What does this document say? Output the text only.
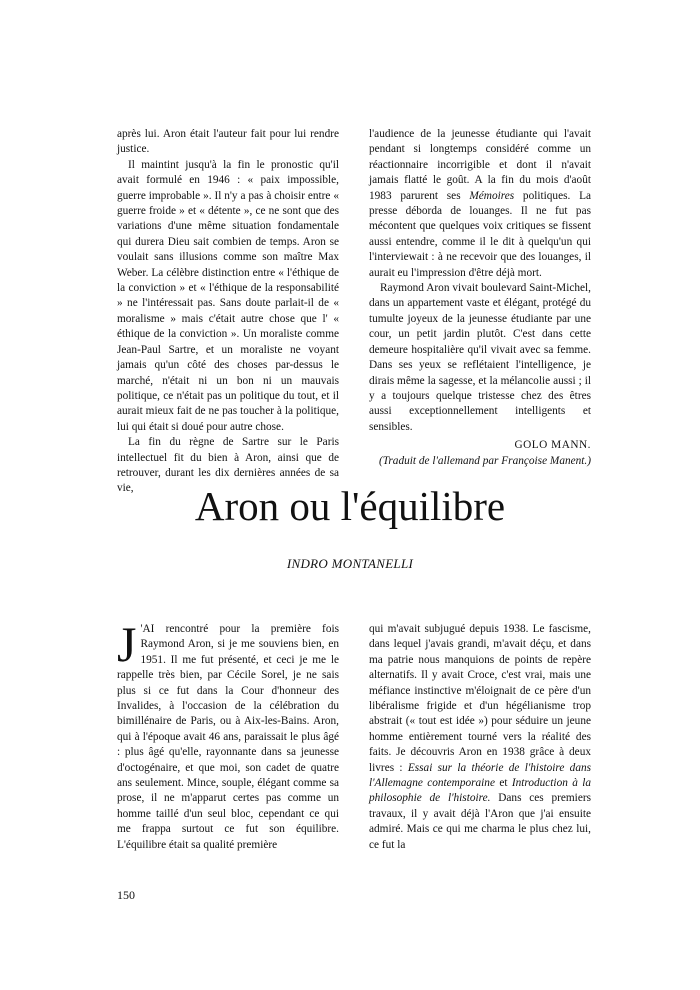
après lui. Aron était l'auteur fait pour lui rendre justice.

Il maintint jusqu'à la fin le pronostic qu'il avait formulé en 1946 : « paix impossible, guerre improbable ». Il n'y a pas à choisir entre « guerre froide » et « détente », ce ne sont que des variations d'une même situation fondamentale qui durera Dieu sait combien de temps. Aron se voulait sans illusions comme son maître Max Weber. La célèbre distinction entre « l'éthique de la conviction » et « l'éthique de la responsabilité » ne l'intéressait pas. Sans doute parlait-il de « moralisme » mais c'était autre chose que l' « éthique de la conviction ». Un moraliste comme Jean-Paul Sartre, et un moraliste ne voyant jamais qu'un côté des choses par-dessus le marché, n'était ni un bon ni un mauvais politique, ce n'était pas un politique du tout, et il aurait mieux fait de ne pas toucher à la politique, lui qui était si doué pour autre chose.

La fin du règne de Sartre sur le Paris intellectuel fit du bien à Aron, ainsi que de retrouver, durant les dix dernières années de sa vie,

l'audience de la jeunesse étudiante qui l'avait pendant si longtemps considéré comme un réactionnaire incorrigible et dont il n'avait jamais flatté le goût. A la fin du mois d'août 1983 parurent ses Mémoires politiques. La presse déborda de louanges. Il ne fut pas mécontent que quelques voix critiques se fissent aussi entendre, comme il le dit à quelqu'un qui l'interviewait : à ne recevoir que des louanges, il aurait eu l'impression d'être déjà mort.

Raymond Aron vivait boulevard Saint-Michel, dans un appartement vaste et élégant, protégé du tumulte joyeux de la jeunesse étudiante par une cour, un petit jardin plutôt. C'est dans cette demeure hospitalière qu'il vivait avec sa femme. Dans ses yeux se reflétaient l'intelligence, je dirais même la sagesse, et la mélancolie aussi ; il y a toujours quelque tristesse chez des êtres aussi exceptionnellement intelligents et sensibles.

GOLO MANN.
(Traduit de l'allemand par Françoise Manent.)
Aron ou l'équilibre
INDRO MONTANELLI

J 'AI rencontré pour la première fois Raymond Aron, si je me souviens bien, en 1951. Il me fut présenté, et ceci je me le rappelle très bien, par Cécile Sorel, je ne sais plus si ce fut dans la Cour d'honneur des Invalides, à l'occasion de la célébration du bimillénaire de Paris, ou à Aix-les-Bains. Aron, qui à l'époque avait 46 ans, paraissait le plus âgé : plus âgé qu'elle, rayonnante dans sa jeunesse d'octogénaire, et que moi, son cadet de quatre ans seulement. Mince, souple, élégant comme sa prose, il ne m'apparut certes pas comme un homme taillé d'un seul bloc, cependant ce qui me frappa surtout ce fut son équilibre. L'équilibre était sa qualité première

qui m'avait subjugué depuis 1938. Le fascisme, dans lequel j'avais grandi, m'avait déçu, et dans ma patrie nous manquions de points de repère alternatifs. Il y avait Croce, c'est vrai, mais une méfiance instinctive m'éloignait de ce père d'un libéralisme frigide et d'un hégélianisme trop abstrait (« tout est idée ») pour séduire un jeune homme entièrement tourné vers la réalité des faits. Je découvris Aron en 1938 grâce à deux livres : Essai sur la théorie de l'histoire dans l'Allemagne contemporaine et Introduction à la philosophie de l'histoire. Dans ces premiers travaux, il y avait déjà l'Aron que j'ai ensuite admiré. Mais ce qui me charma le plus chez lui, ce fut la

150
